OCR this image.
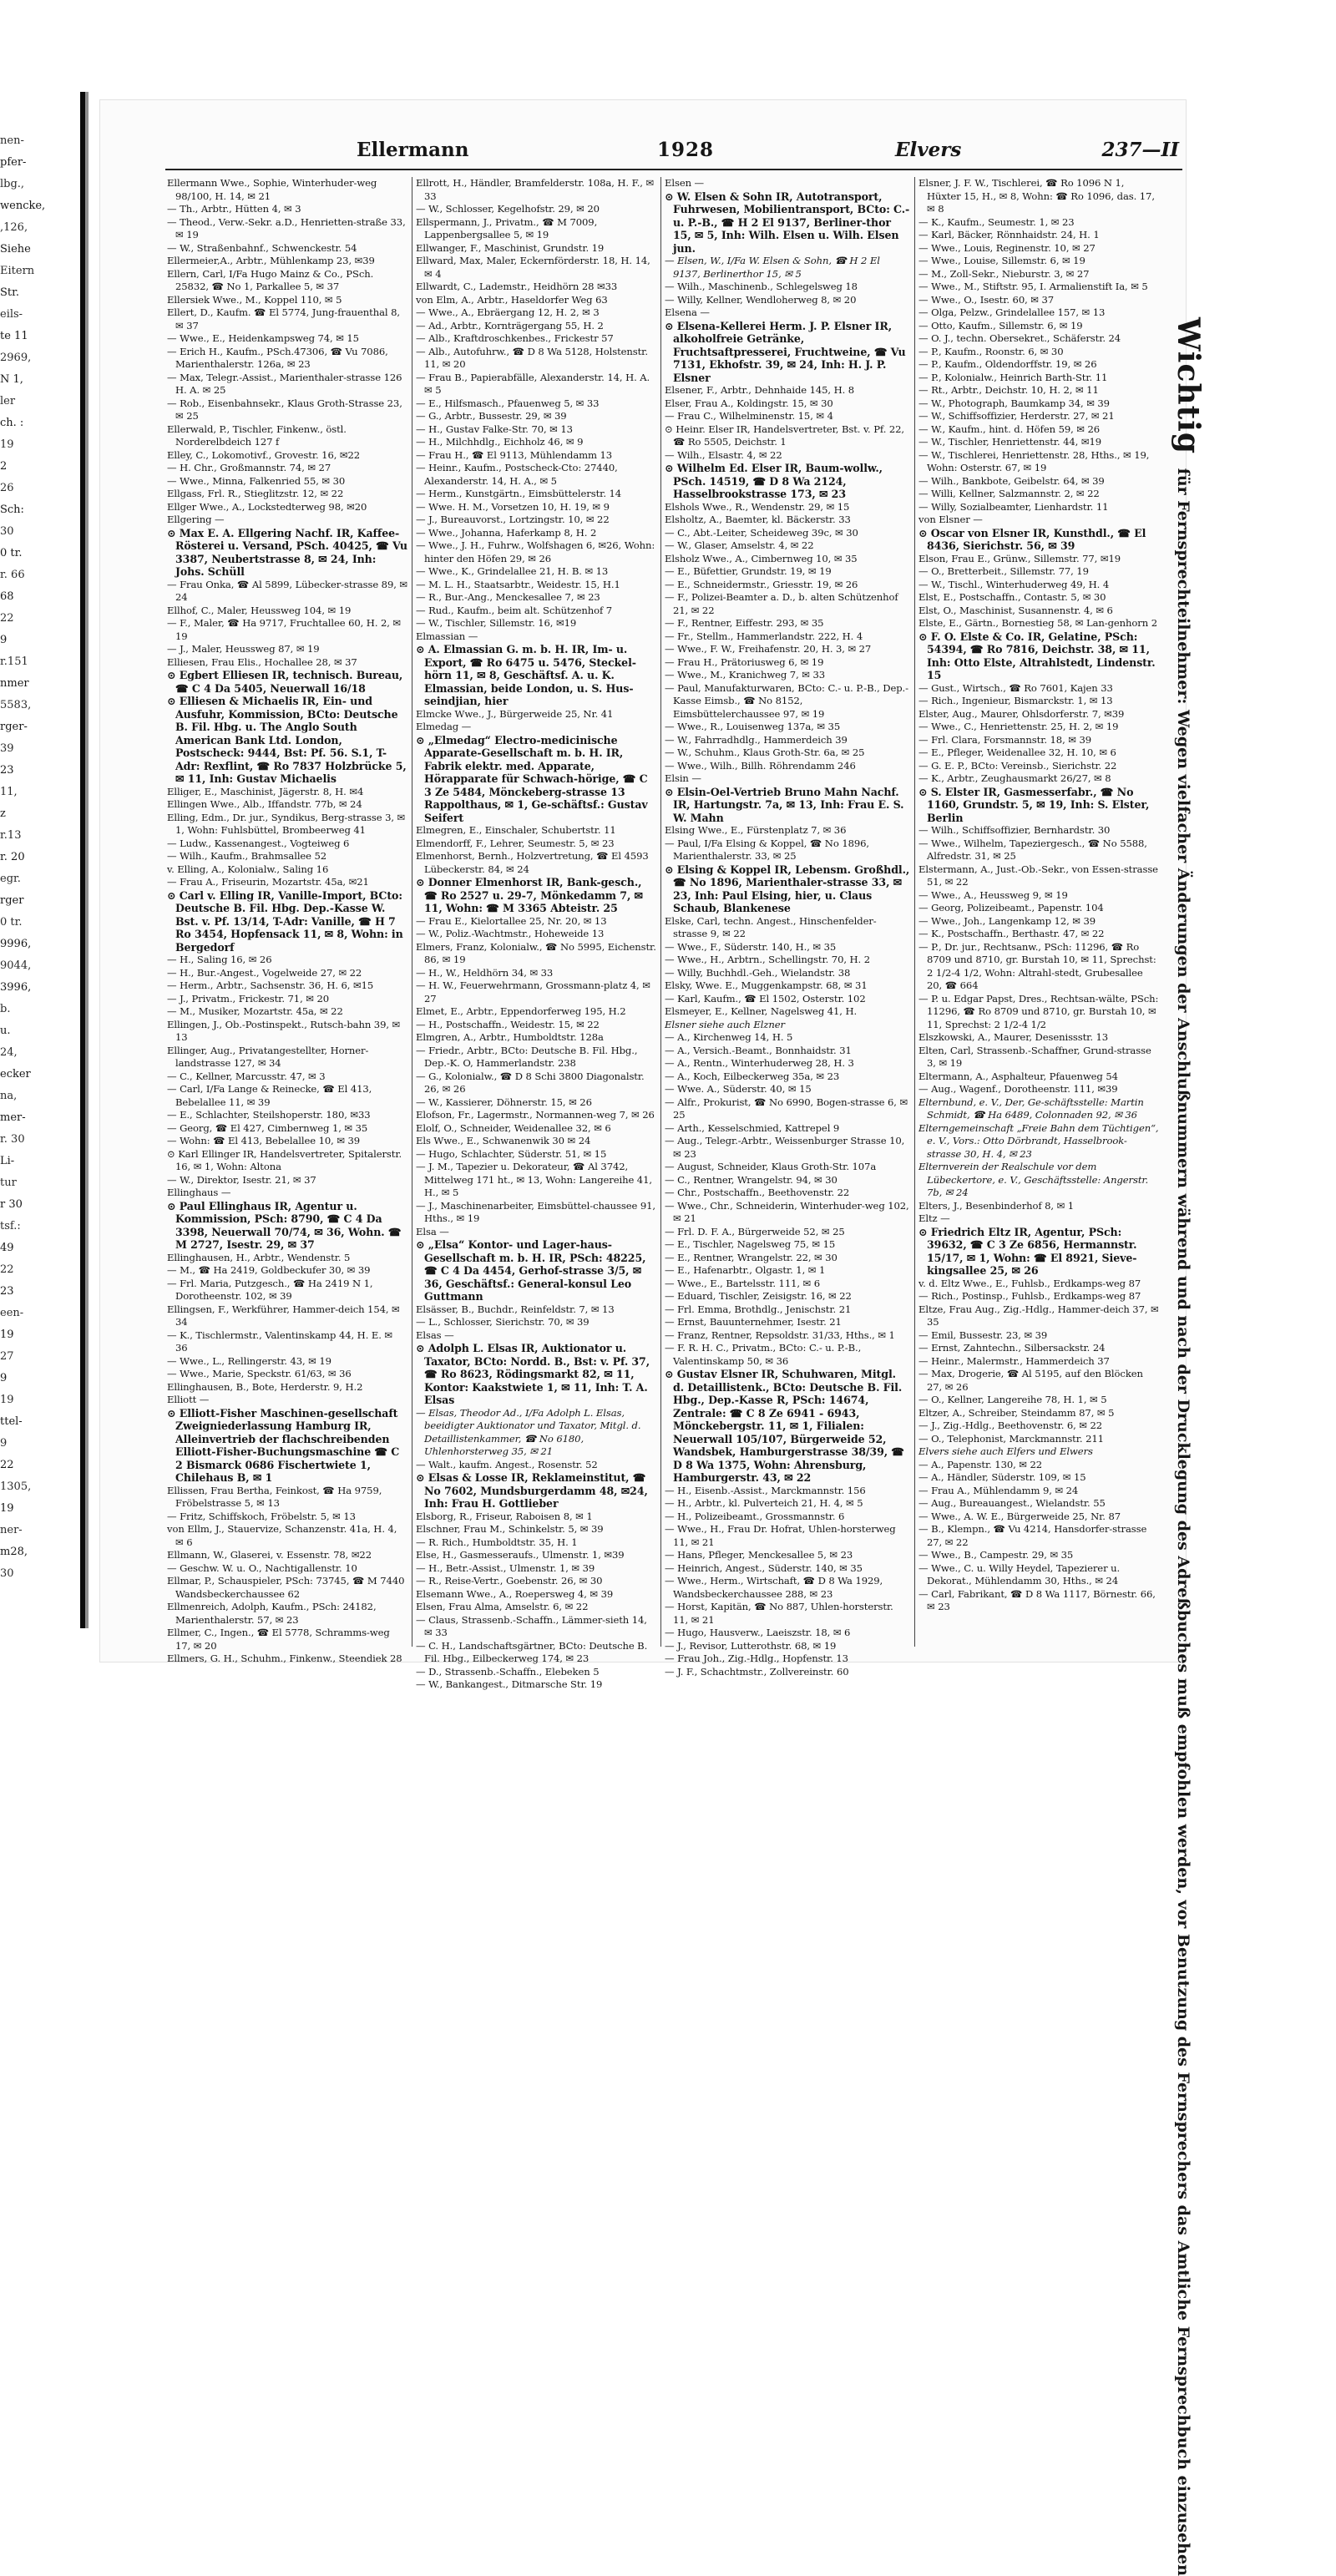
nen-
pfer-
lbg.,
wencke,
,126,
Siehe
Eitern
Str.
eils-
te 11
2969,
N 1,
ler
ch. :
19
2
26
Sch:
30
0 tr.
r. 66
68
22
9
r.151
nmer
5583,
rger-
39
23
11,
z
r.13
r. 20
egr.
rger
0 tr.
9996,
9044,
3996,
b.
u.
24,
ecker
na,
mer-
r. 30
Li-
tur
r 30
tsf.:
49
22
23
een-
19
27
9
19
ttel-
9
22
1305,
19
ner-
m28,
30
Ellermann	1928	Elvers	237—II

Ellermann Wwe., Sophie, Winterhuder-weg 98/100, H. 14, ✉ 21

— Th., Arbtr., Hütten 4, ✉ 3

— Theod., Verw.-Sekr. a.D., Henrietten-straße 33, ✉ 19

— W., Straßenbahnf., Schwenckestr. 54

Ellermeier,A., Arbtr., Mühlenkamp 23, ✉39

Ellern, Carl, I/Fa Hugo Mainz & Co., PSch. 25832, ☎ No 1, Parkallee 5, ✉ 37

Ellersiek Wwe., M., Koppel 110, ✉ 5

Ellert, D., Kaufm. ☎ El 5774, Jung-frauenthal 8, ✉ 37

— Wwe., E., Heidenkampsweg 74, ✉ 15

— Erich H., Kaufm., PSch.47306, ☎ Vu 7086, Marienthalerstr. 126a, ✉ 23

— Max, Telegr.-Assist., Marienthaler-strasse 126 H. A. ✉ 25

— Rob., Eisenbahnsekr., Klaus Groth-Strasse 23, ✉ 25

Ellerwald, P., Tischler, Finkenw., östl. Norderelbdeich 127 f

Elley, C., Lokomotivf., Grovestr. 16, ✉22

— H. Chr., Großmannstr. 74, ✉ 27

— Wwe., Minna, Falkenried 55, ✉ 30

Ellgass, Frl. R., Stieglitzstr. 12, ✉ 22

Ellger Wwe., A., Lockstedterweg 98, ✉20

Ellgering —

⊙ Max E. A. Ellgering Nachf. IR, Kaffee-Rösterei u. Versand, PSch. 40425, ☎ Vu 3387, Neubertstrasse 8, ✉ 24, Inh: Johs. Schüll

— Frau Onka, ☎ Al 5899, Lübecker-strasse 89, ✉ 24

Ellhof, C., Maler, Heussweg 104, ✉ 19

— F., Maler, ☎ Ha 9717, Fruchtallee 60, H. 2, ✉ 19

— J., Maler, Heussweg 87, ✉ 19

Elliesen, Frau Elis., Hochallee 28, ✉ 37

⊙ Egbert Elliesen IR, technisch. Bureau, ☎ C 4 Da 5405, Neuerwall 16/18

⊙ Elliesen & Michaelis IR, Ein- und Ausfuhr, Kommission, BCto: Deutsche B. Fil. Hbg. u. The Anglo South American Bank Ltd. London, Postscheck: 9444, Bst: Pf. 56. S.1, T-Adr: Rexflint, ☎ Ro 7837 Holzbrücke 5, ✉ 11, Inh: Gustav Michaelis

Elliger, E., Maschinist, Jägerstr. 8, H. ✉4

Ellingen Wwe., Alb., Iffandstr. 77b, ✉ 24

Elling, Edm., Dr. jur., Syndikus, Berg-strasse 3, ✉ 1, Wohn: Fuhlsbüttel, Brombeerweg 41

— Ludw., Kassenangest., Vogteiweg 6

— Wilh., Kaufm., Brahmsallee 52

v. Elling, A., Kolonialw., Saling 16

— Frau A., Friseurin, Mozartstr. 45a, ✉21

⊙ Carl v. Elling IR, Vanille-Import, BCto: Deutsche B. Fil. Hbg. Dep.-Kasse W. Bst. v. Pf. 13/14, T-Adr: Vanille, ☎ H 7 Ro 3454, Hopfensack 11, ✉ 8, Wohn: in Bergedorf

— H., Saling 16, ✉ 26

— H., Bur.-Angest., Vogelweide 27, ✉ 22

— Herm., Arbtr., Sachsenstr. 36, H. 6, ✉15

— J., Privatm., Frickestr. 71, ✉ 20

— M., Musiker, Mozartstr. 45a, ✉ 22

Ellingen, J., Ob.-Postinspekt., Rutsch-bahn 39, ✉ 13

Ellinger, Aug., Privatangestellter, Horner-landstrasse 127, ✉ 34

— C., Kellner, Marcusstr. 47, ✉ 3

— Carl, I/Fa Lange & Reinecke, ☎ El 413, Bebelallee 11, ✉ 39

— E., Schlachter, Steilshoperstr. 180, ✉33

— Georg, ☎ El 427, Cimbernweg 1, ✉ 35

— Wohn: ☎ El 413, Bebelallee 10, ✉ 39

⊙ Karl Ellinger IR, Handelsvertreter, Spitalerstr. 16, ✉ 1, Wohn: Altona

— W., Direktor, Isestr. 21, ✉ 37

Ellinghaus —

⊙ Paul Ellinghaus IR, Agentur u. Kommission, PSch: 8790, ☎ C 4 Da 3398, Neuerwall 70/74, ✉ 36, Wohn. ☎ M 2727, Isestr. 29, ✉ 37

Ellinghausen, H., Arbtr., Wendenstr. 5

— M., ☎ Ha 2419, Goldbeckufer 30, ✉ 39

— Frl. Maria, Putzgesch., ☎ Ha 2419 N 1, Dorotheenstr. 102, ✉ 39

Ellingsen, F., Werkführer, Hammer-deich 154, ✉ 34

— K., Tischlermstr., Valentinskamp 44, H. E. ✉ 36

— Wwe., L., Rellingerstr. 43, ✉ 19

— Wwe., Marie, Speckstr. 61/63, ✉ 36

Ellinghausen, B., Bote, Herderstr. 9, H.2

Elliott —

⊙ Elliott-Fisher Maschinen-gesellschaft Zweigniederlassung Hamburg IR, Alleinvertrieb der flachschreibenden Elliott-Fisher-Buchungsmaschine ☎ C 2 Bismarck 0686 Fischertwiete 1, Chilehaus B, ✉ 1

Ellissen, Frau Bertha, Feinkost, ☎ Ha 9759, Fröbelstrasse 5, ✉ 13

— Fritz, Schiffskoch, Fröbelstr. 5, ✉ 13

von Ellm, J., Stauervize, Schanzenstr. 41a, H. 4, ✉ 6

Ellmann, W., Glaserei, v. Essenstr. 78, ✉22

— Geschw. W. u. O., Nachtigallenstr. 10

Ellmar, P., Schauspieler, PSch: 73745, ☎ M 7440 Wandsbeckerchaussee 62

Ellmenreich, Adolph, Kaufm., PSch: 24182, Marienthalerstr. 57, ✉ 23

Ellmer, C., Ingen., ☎ El 5778, Schramms-weg 17, ✉ 20

Ellmers, G. H., Schuhm., Finkenw., Steendiek 28

Ellrott, H., Händler, Bramfelderstr. 108a, H. F., ✉ 33

— W., Schlosser, Kegelhofstr. 29, ✉ 20

Ellspermann, J., Privatm., ☎ M 7009, Lappenbergsallee 5, ✉ 19

Ellwanger, F., Maschinist, Grundstr. 19

Ellward, Max, Maler, Eckernförderstr. 18, H. 14, ✉ 4

Ellwardt, C., Lademstr., Heidhörn 28 ✉33

von Elm, A., Arbtr., Haseldorfer Weg 63

— Wwe., A., Ebräergang 12, H. 2, ✉ 3

— Ad., Arbtr., Kornträgergang 55, H. 2

— Alb., Kraftdroschkenbes., Frickestr 57

— Alb., Autofuhrw., ☎ D 8 Wa 5128, Holstenstr. 11, ✉ 20

— Frau B., Papierabfälle, Alexanderstr. 14, H. A. ✉ 5

— E., Hilfsmasch., Pfauenweg 5, ✉ 33

— G., Arbtr., Bussestr. 29, ✉ 39

— H., Gustav Falke-Str. 70, ✉ 13

— H., Milchhdlg., Eichholz 46, ✉ 9

— Frau H., ☎ El 9113, Mühlendamm 13

— Heinr., Kaufm., Postscheck-Cto: 27440, Alexanderstr. 14, H. A., ✉ 5

— Herm., Kunstgärtn., Eimsbüttelerstr. 14

— Wwe. H. M., Vorsetzen 10, H. 19, ✉ 9

— J., Bureauvorst., Lortzingstr. 10, ✉ 22

— Wwe., Johanna, Haferkamp 8, H. 2

— Wwe., J. H., Fuhrw., Wolfshagen 6, ✉26, Wohn: hinter den Höfen 29, ✉ 26

— Wwe., K., Grindelallee 21, H. B. ✉ 13

— M. L. H., Staatsarbtr., Weidestr. 15, H.1

— R., Bur.-Ang., Menckesallee 7, ✉ 23

— Rud., Kaufm., beim alt. Schützenhof 7

— W., Tischler, Sillemstr. 16, ✉19

Elmassian —

⊙ A. Elmassian G. m. b. H. IR, Im- u. Export, ☎ Ro 6475 u. 5476, Steckel-hörn 11, ✉ 8, Geschäftsf. A. u. K. Elmassian, beide London, u. S. Hus-seindjian, hier

Elmcke Wwe., J., Bürgerweide 25, Nr. 41

Elmedag —

⊙ „Elmedag“ Electro-medicinische Apparate-Gesellschaft m. b. H. IR, Fabrik elektr. med. Apparate, Hörapparate für Schwach-hörige, ☎ C 3 Ze 5484, Mönckeberg-strasse 13 Rappolthaus, ✉ 1, Ge-schäftsf.: Gustav Seifert

Elmegren, E., Einschaler, Schubertstr. 11

Elmendorff, F., Lehrer, Seumestr. 5, ✉ 23

Elmenhorst, Bernh., Holzvertretung, ☎ El 4593 Lübeckerstr. 84, ✉ 24

⊙ Donner Elmenhorst IR, Bank-gesch., ☎ Ro 2527 u. 29-7, Mönkedamm 7, ✉ 11, Wohn: ☎ M 3365 Abteistr. 25

— Frau E., Kielortallee 25, Nr. 20, ✉ 13

— W., Poliz.-Wachtmstr., Hoheweide 13

Elmers, Franz, Kolonialw., ☎ No 5995, Eichenstr. 86, ✉ 19

— H., W., Heldhörn 34, ✉ 33

— H. W., Feuerwehrmann, Grossmann-platz 4, ✉ 27

Elmet, E., Arbtr., Eppendorferweg 195, H.2

— H., Postschaffn., Weidestr. 15, ✉ 22

Elmgren, A., Arbtr., Humboldtstr. 128a

— Friedr., Arbtr., BCto: Deutsche B. Fil. Hbg., Dep.-K. O, Hammerlandstr. 238

— G., Kolonialw., ☎ D 8 Schi 3800 Diagonalstr. 26, ✉ 26

— W., Kassierer, Döhnerstr. 15, ✉ 26

Elofson, Fr., Lagermstr., Normannen-weg 7, ✉ 26

Elolf, O., Schneider, Weidenallee 32, ✉ 6

Els Wwe., E., Schwanenwik 30 ✉ 24

— Hugo, Schlachter, Süderstr. 51, ✉ 15

— J. M., Tapezier u. Dekorateur, ☎ Al 3742, Mittelweg 171 ht., ✉ 13, Wohn: Langereihe 41, H., ✉ 5

— J., Maschinenarbeiter, Eimsbüttel-chaussee 91, Hths., ✉ 19

Elsa —

⊙ „Elsa“ Kontor- und Lager-haus-Gesellschaft m. b. H. IR, PSch: 48225, ☎ C 4 Da 4454, Gerhof-strasse 3/5, ✉ 36, Geschäftsf.: General-konsul Leo Guttmann

Elsässer, B., Buchdr., Reinfeldstr. 7, ✉ 13

— L., Schlosser, Sierichstr. 70, ✉ 39

Elsas —

⊙ Adolph L. Elsas IR, Auktionator u. Taxator, BCto: Nordd. B., Bst: v. Pf. 37, ☎ Ro 8623, Rödingsmarkt 82, ✉ 11, Kontor: Kaakstwiete 1, ✉ 11, Inh: T. A. Elsas

— Elsas, Theodor Ad., I/Fa Adolph L. Elsas, beeidigter Auktionator und Taxator, Mitgl. d. Detaillistenkammer, ☎ No 6180, Uhlenhorsterweg 35, ✉ 21

— Walt., kaufm. Angest., Rosenstr. 52

⊙ Elsas & Losse IR, Reklameinstitut, ☎ No 7602, Mundsburgerdamm 48, ✉24, Inh: Frau H. Gottlieber

Elsborg, R., Friseur, Raboisen 8, ✉ 1

Elschner, Frau M., Schinkelstr. 5, ✉ 39

— R. Rich., Humboldtstr. 35, H. 1

Else, H., Gasmesseraufs., Ulmenstr. 1, ✉39

— H., Betr.-Assist., Ulmenstr. 1, ✉ 39

— R., Reise-Vertr., Goebenstr. 26, ✉ 30

Elsemann Wwe., A., Roepersweg 4, ✉ 39

Elsen, Frau Alma, Amselstr. 6, ✉ 22

— Claus, Strassenb.-Schaffn., Lämmer-sieth 14, ✉ 33

— C. H., Landschaftsgärtner, BCto: Deutsche B. Fil. Hbg., Eilbeckerweg 174, ✉ 23

— D., Strassenb.-Schaffn., Elebeken 5

— W., Bankangest., Ditmarsche Str. 19

Elsen —

⊙ W. Elsen & Sohn IR, Autotransport, Fuhrwesen, Mobilientransport, BCto: C.-u. P.-B., ☎ H 2 El 9137, Berliner-thor 15, ✉ 5, Inh: Wilh. Elsen u. Wilh. Elsen jun.

— Elsen, W., I/Fa W. Elsen & Sohn, ☎ H 2 El 9137, Berlinerthor 15, ✉ 5

— Wilh., Maschinenb., Schlegelsweg 18

— Willy, Kellner, Wendloherweg 8, ✉ 20

Elsena —

⊙ Elsena-Kellerei Herm. J. P. Elsner IR, alkoholfreie Getränke, Fruchtsaftpresserei, Fruchtweine, ☎ Vu 7131, Ekhofstr. 39, ✉ 24, Inh: H. J. P. Elsner

Elsener, F., Arbtr., Dehnhaide 145, H. 8

Elser, Frau A., Koldingstr. 15, ✉ 30

— Frau C., Wilhelminenstr. 15, ✉ 4

⊙ Heinr. Elser IR, Handelsvertreter, Bst. v. Pf. 22, ☎ Ro 5505, Deichstr. 1

— Wilh., Elsastr. 4, ✉ 22

⊙ Wilhelm Ed. Elser IR, Baum-wollw., PSch. 14519, ☎ D 8 Wa 2124, Hasselbrookstrasse 173, ✉ 23

Elshols Wwe., R., Wendenstr. 29, ✉ 15

Elsholtz, A., Baemter, kl. Bäckerstr. 33

— C., Abt.-Leiter, Scheideweg 39c, ✉ 30

— W., Glaser, Amselstr. 4, ✉ 22

Elsholz Wwe., A., Cimbernweg 10, ✉ 35

— E., Büfettier, Grundstr. 19, ✉ 19

— E., Schneidermstr., Griesstr. 19, ✉ 26

— F., Polizei-Beamter a. D., b. alten Schützenhof 21, ✉ 22

— F., Rentner, Eiffestr. 293, ✉ 35

— Fr., Stellm., Hammerlandstr. 222, H. 4

— Wwe., F. W., Freihafenstr. 20, H. 3, ✉ 27

— Frau H., Prätoriusweg 6, ✉ 19

— Wwe., M., Kranichweg 7, ✉ 33

— Paul, Manufakturwaren, BCto: C.- u. P.-B., Dep.-Kasse Eimsb., ☎ No 8152, Eimsbüttelerchaussee 97, ✉ 19

— Wwe., R., Louisenweg 137a, ✉ 35

— W., Fahrradhdlg., Hammerdeich 39

— W., Schuhm., Klaus Groth-Str. 6a, ✉ 25

— Wwe., Wilh., Billh. Röhrendamm 246

Elsin —

⊙ Elsin-Oel-Vertrieb Bruno Mahn Nachf. IR, Hartungstr. 7a, ✉ 13, Inh: Frau E. S. W. Mahn

Elsing Wwe., E., Fürstenplatz 7, ✉ 36

— Paul, I/Fa Elsing & Koppel, ☎ No 1896, Marienthalerstr. 33, ✉ 25

⊙ Elsing & Koppel IR, Lebensm. Großhdl., ☎ No 1896, Marienthaler-strasse 33, ✉ 23, Inh: Paul Elsing, hier, u. Claus Schaub, Blankenese

Elske, Carl, techn. Angest., Hinschenfelder-strasse 9, ✉ 22

— Wwe., F., Süderstr. 140, H., ✉ 35

— Wwe., H., Arbtrn., Schellingstr. 70, H. 2

— Willy, Buchhdl.-Geh., Wielandstr. 38

Elsky, Wwe. E., Muggenkampstr. 68, ✉ 31

— Karl, Kaufm., ☎ El 1502, Osterstr. 102

Elsmeyer, E., Kellner, Nagelsweg 41, H.

Elsner siehe auch Elzner

— A., Kirchenweg 14, H. 5

— A., Versich.-Beamt., Bonnhaidstr. 31

— A., Rentn., Winterhuderweg 28, H. 3

— A., Koch, Eilbeckerweg 35a, ✉ 23

— Wwe. A., Süderstr. 40, ✉ 15

— Alfr., Prokurist, ☎ No 6990, Bogen-strasse 6, ✉ 25

— Arth., Kesselschmied, Kattrepel 9

— Aug., Telegr.-Arbtr., Weissenburger Strasse 10, ✉ 23

— August, Schneider, Klaus Groth-Str. 107a

— C., Rentner, Wrangelstr. 94, ✉ 30

— Chr., Postschaffn., Beethovenstr. 22

— Wwe., Chr., Schneiderin, Winterhuder-weg 102, ✉ 21

— Frl. D. F. A., Bürgerweide 52, ✉ 25

— E., Tischler, Nagelsweg 75, ✉ 15

— E., Rentner, Wrangelstr. 22, ✉ 30

— E., Hafenarbtr., Olgastr. 1, ✉ 1

— Wwe., E., Bartelsstr. 111, ✉ 6

— Eduard, Tischler, Zeisigstr. 16, ✉ 22

— Frl. Emma, Brothdlg., Jenischstr. 21

— Ernst, Bauunternehmer, Isestr. 21

— Franz, Rentner, Repsoldstr. 31/33, Hths., ✉ 1

— F. R. H. C., Privatm., BCto: C.- u. P.-B., Valentinskamp 50, ✉ 36

⊙ Gustav Elsner IR, Schuhwaren, Mitgl. d. Detaillistenk., BCto: Deutsche B. Fil. Hbg., Dep.-Kasse R, PSch: 14674, Zentrale: ☎ C 8 Ze 6941 - 6943, Mönckebergstr. 11, ✉ 1, Filialen: Neuerwall 105/107, Bürgerweide 52, Wandsbek, Hamburgerstrasse 38/39, ☎ D 8 Wa 1375, Wohn: Ahrensburg, Hamburgerstr. 43, ✉ 22

— H., Eisenb.-Assist., Marckmannstr. 156

— H., Arbtr., kl. Pulverteich 21, H. 4, ✉ 5

— H., Polizeibeamt., Grossmannstr. 6

— Wwe., H., Frau Dr. Hofrat, Uhlen-horsterweg 11, ✉ 21

— Hans, Pfleger, Menckesallee 5, ✉ 23

— Heinrich, Angest., Süderstr. 140, ✉ 35

— Wwe., Herm., Wirtschaft, ☎ D 8 Wa 1929, Wandsbeckerchaussee 288, ✉ 23

— Horst, Kapitän, ☎ No 887, Uhlen-horsterstr. 11, ✉ 21

— Hugo, Hausverw., Laeiszstr. 18, ✉ 6

— J., Revisor, Lutterothstr. 68, ✉ 19

— Frau Joh., Zig.-Hdlg., Hopfenstr. 13

— J. F., Schachtmstr., Zollvereinstr. 60

Elsner, J. F. W., Tischlerei, ☎ Ro 1096 N 1, Hüxter 15, H., ✉ 8, Wohn: ☎ Ro 1096, das. 17, ✉ 8

— K., Kaufm., Seumestr. 1, ✉ 23

— Karl, Bäcker, Rönnhaidstr. 24, H. 1

— Wwe., Louis, Reginenstr. 10, ✉ 27

— Wwe., Louise, Sillemstr. 6, ✉ 19

— M., Zoll-Sekr., Nieburstr. 3, ✉ 27

— Wwe., M., Stiftstr. 95, I. Armalienstift Ia, ✉ 5

— Wwe., O., Isestr. 60, ✉ 37

— Olga, Pelzw., Grindelallee 157, ✉ 13

— Otto, Kaufm., Sillemstr. 6, ✉ 19

— O. J., techn. Obersekret., Schäferstr. 24

— P., Kaufm., Roonstr. 6, ✉ 30

— P., Kaufm., Oldendorffstr. 19, ✉ 26

— P., Kolonialw., Heinrich Barth-Str. 11

— Rt., Arbtr., Deichstr. 10, H. 2, ✉ 11

— W., Photograph, Baumkamp 34, ✉ 39

— W., Schiffsoffizier, Herderstr. 27, ✉ 21

— W., Kaufm., hint. d. Höfen 59, ✉ 26

— W., Tischler, Henriettenstr. 44, ✉19

— W., Tischlerei, Henriettenstr. 28, Hths., ✉ 19, Wohn: Osterstr. 67, ✉ 19

— Wilh., Bankbote, Geibelstr. 64, ✉ 39

— Willi, Kellner, Salzmannstr. 2, ✉ 22

— Willy, Sozialbeamter, Lienhardstr. 11

von Elsner —

⊙ Oscar von Elsner IR, Kunsthdl., ☎ El 8436, Sierichstr. 56, ✉ 39

Elson, Frau E., Grünw., Sillemstr. 77, ✉19

— O., Bretterbeit., Sillemstr. 77, 19

— W., Tischl., Winterhuderweg 49, H. 4

Elst, E., Postschaffn., Contastr. 5, ✉ 30

Elst, O., Maschinist, Susannenstr. 4, ✉ 6

Elste, E., Gärtn., Bornestieg 58, ✉ Lan-genhorn 2

⊙ F. O. Elste & Co. IR, Gelatine, PSch: 54394, ☎ Ro 7816, Deichstr. 38, ✉ 11, Inh: Otto Elste, Altrahlstedt, Lindenstr. 15

— Gust., Wirtsch., ☎ Ro 7601, Kajen 33

— Rich., Ingenieur, Bismarckstr. 1, ✉ 13

Elster, Aug., Maurer, Ohlsdorferstr. 7, ✉39

— Wwe., C., Henriettenstr. 25, H. 2, ✉ 19

— Frl. Clara, Forsmannstr. 18, ✉ 39

— E., Pfleger, Weidenallee 32, H. 10, ✉ 6

— G. E. P., BCto: Vereinsb., Sierichstr. 22

— K., Arbtr., Zeughausmarkt 26/27, ✉ 8

⊙ S. Elster IR, Gasmesserfabr., ☎ No 1160, Grundstr. 5, ✉ 19, Inh: S. Elster, Berlin

— Wilh., Schiffsoffizier, Bernhardstr. 30

— Wwe., Wilhelm, Tapeziergesch., ☎ No 5588, Alfredstr. 31, ✉ 25

Elstermann, A., Just.-Ob.-Sekr., von Essen-strasse 51, ✉ 22

— Wwe., A., Heussweg 9, ✉ 19

— Georg, Polizeibeamt., Papenstr. 104

— Wwe., Joh., Langenkamp 12, ✉ 39

— K., Postschaffn., Berthastr. 47, ✉ 22

— P., Dr. jur., Rechtsanw., PSch: 11296, ☎ Ro 8709 und 8710, gr. Burstah 10, ✉ 11, Sprechst: 2 1/2-4 1/2, Wohn: Altrahl-stedt, Grubesallee 20, ☎ 664

— P. u. Edgar Papst, Dres., Rechtsan-wälte, PSch: 11296, ☎ Ro 8709 und 8710, gr. Burstah 10, ✉ 11, Sprechst: 2 1/2-4 1/2

Elszkowski, A., Maurer, Desenissstr. 13

Elten, Carl, Strassenb.-Schaffner, Grund-strasse 3, ✉ 19

Eltermann, A., Asphalteur, Pfauenweg 54

— Aug., Wagenf., Dorotheenstr. 111, ✉39

Elternbund, e. V., Der, Ge-schäftsstelle: Martin Schmidt, ☎ Ha 6489, Colonnaden 92, ✉ 36

Elterngemeinschaft „Freie Bahn dem Tüchtigen“, e. V., Vors.: Otto Dörbrandt, Hasselbrook-strasse 30, H. 4, ✉ 23

Elternverein der Realschule vor dem Lübeckertore, e. V., Geschäftsstelle: Angerstr. 7b, ✉ 24

Elters, J., Besenbinderhof 8, ✉ 1

Eltz —

⊙ Friedrich Eltz IR, Agentur, PSch: 39632, ☎ C 3 Ze 6856, Hermannstr. 15/17, ✉ 1, Wohn: ☎ El 8921, Sieve-kingsallee 25, ✉ 26

v. d. Eltz Wwe., E., Fuhlsb., Erdkamps-weg 87

— Rich., Postinsp., Fuhlsb., Erdkamps-weg 87

Eltze, Frau Aug., Zig.-Hdlg., Hammer-deich 37, ✉ 35

— Emil, Bussestr. 23, ✉ 39

— Ernst, Zahntechn., Silbersackstr. 24

— Heinr., Malermstr., Hammerdeich 37

— Max, Drogerie, ☎ Al 5195, auf den Blöcken 27, ✉ 26

— O., Kellner, Langereihe 78, H. 1, ✉ 5

Eltzer, A., Schreiber, Steindamm 87, ✉ 5

— J., Zig.-Hdlg., Beethovenstr. 6, ✉ 22

— O., Telephonist, Marckmannstr. 211

Elvers siehe auch Elfers und Elwers

— A., Papenstr. 130, ✉ 22

— A., Händler, Süderstr. 109, ✉ 15

— Frau A., Mühlendamm 9, ✉ 24

— Aug., Bureauangest., Wielandstr. 55

— Wwe., A. W. E., Bürgerweide 25, Nr. 87

— B., Klempn., ☎ Vu 4214, Hansdorfer-strasse 27, ✉ 22

— Wwe., B., Campestr. 29, ✉ 35

— Wwe., C. u. Willy Heydel, Tapezierer u. Dekorat., Mühlendamm 30, Hths., ✉ 24

— Carl, Fabrikant, ☎ D 8 Wa 1117, Börnestr. 66, ✉ 23

Wichtig für Fernsprechteilnehmer: Wegen vielfacher Änderungen der Anschlußnummern während und nach der Drucklegung des Adreßbuches muß empfohlen werden, vor Benutzung des Fernsprechers das Amtliche Fernsprechbuch einzusehen
